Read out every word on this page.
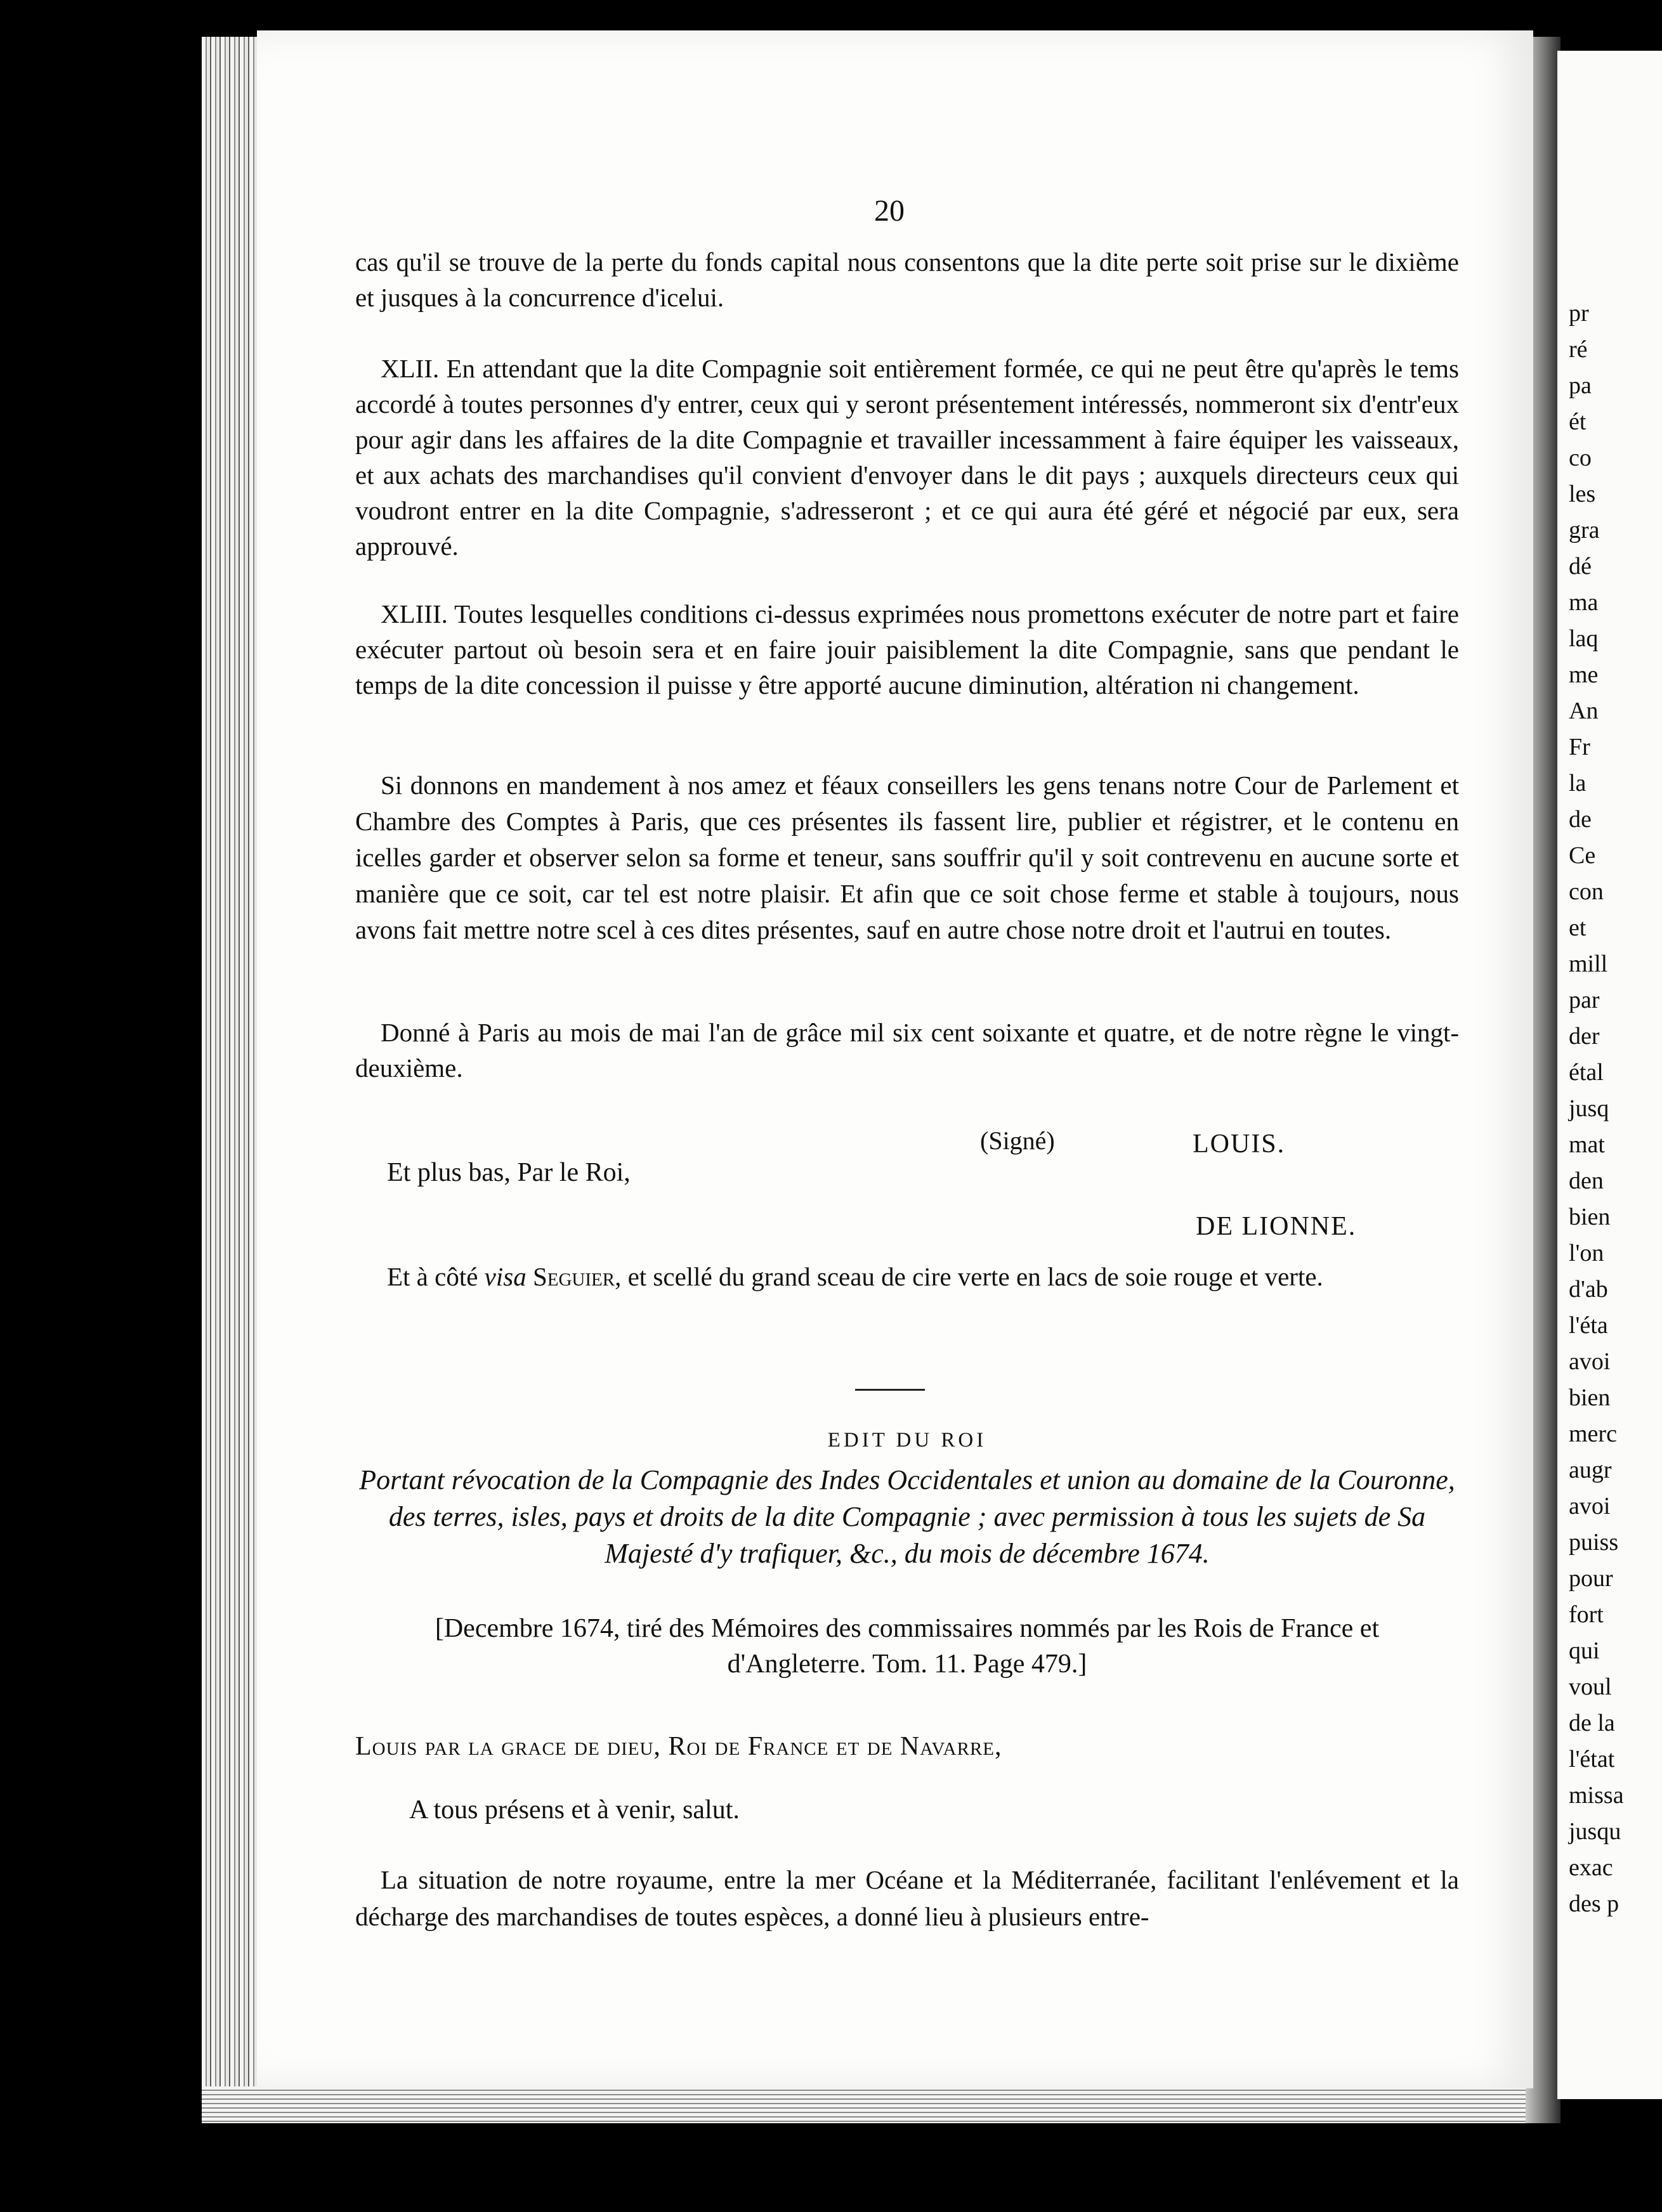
pr
ré
pa
ét
co
les
gra
dé
ma
laq
me
An
Fr
la
de
Ce
con
et
mill
par
der
étal
jusq
mat
den
bien
l'on
d'ab
l'éta
avoi
bien
merc
augr
avoi
puiss
pour
fort
qui
voul
de la
l'état
missa
jusqu
exac
des p
20

cas qu'il se trouve de la perte du fonds capital nous consentons que la dite perte soit prise sur le dixième et jusques à la concurrence d'icelui.

XLII. En attendant que la dite Compagnie soit entièrement formée, ce qui ne peut être qu'après le tems accordé à toutes personnes d'y entrer, ceux qui y seront présentement intéressés, nommeront six d'entr'eux pour agir dans les affaires de la dite Compagnie et travailler incessamment à faire équiper les vaisseaux, et aux achats des marchandises qu'il convient d'envoyer dans le dit pays ; auxquels directeurs ceux qui voudront entrer en la dite Compagnie, s'adresseront ; et ce qui aura été géré et négocié par eux, sera approuvé.

XLIII. Toutes lesquelles conditions ci-dessus exprimées nous promettons exécuter de notre part et faire exécuter partout où besoin sera et en faire jouir paisiblement la dite Compagnie, sans que pendant le temps de la dite concession il puisse y être apporté aucune diminution, altération ni changement.

Si donnons en mandement à nos amez et féaux conseillers les gens tenans notre Cour de Parlement et Chambre des Comptes à Paris, que ces présentes ils fassent lire, publier et régistrer, et le contenu en icelles garder et observer selon sa forme et teneur, sans souffrir qu'il y soit contrevenu en aucune sorte et manière que ce soit, car tel est notre plaisir. Et afin que ce soit chose ferme et stable à toujours, nous avons fait mettre notre scel à ces dites présentes, sauf en autre chose notre droit et l'autrui en toutes.

Donné à Paris au mois de mai l'an de grâce mil six cent soixante et quatre, et de notre règne le vingt-deuxième.

(Signé)	LOUIS.
Et plus bas, Par le Roi,
DE LIONNE.

Et à côté visa Seguier, et scellé du grand sceau de cire verte en lacs de soie rouge et verte.

EDIT DU ROI

Portant révocation de la Compagnie des Indes Occidentales et union au domaine de la Couronne, des terres, isles, pays et droits de la dite Compagnie ; avec permission à tous les sujets de Sa Majesté d'y trafiquer, &c., du mois de décembre 1674.

[Decembre 1674, tiré des Mémoires des commissaires nommés par les Rois de France et
d'Angleterre. Tom. 11. Page 479.]
Louis par la grace de dieu, Roi de France et de Navarre,
A tous présens et à venir, salut.

La situation de notre royaume, entre la mer Océane et la Méditerranée, facilitant l'enlévement et la décharge des marchandises de toutes espèces, a donné lieu à plusieurs entre-
